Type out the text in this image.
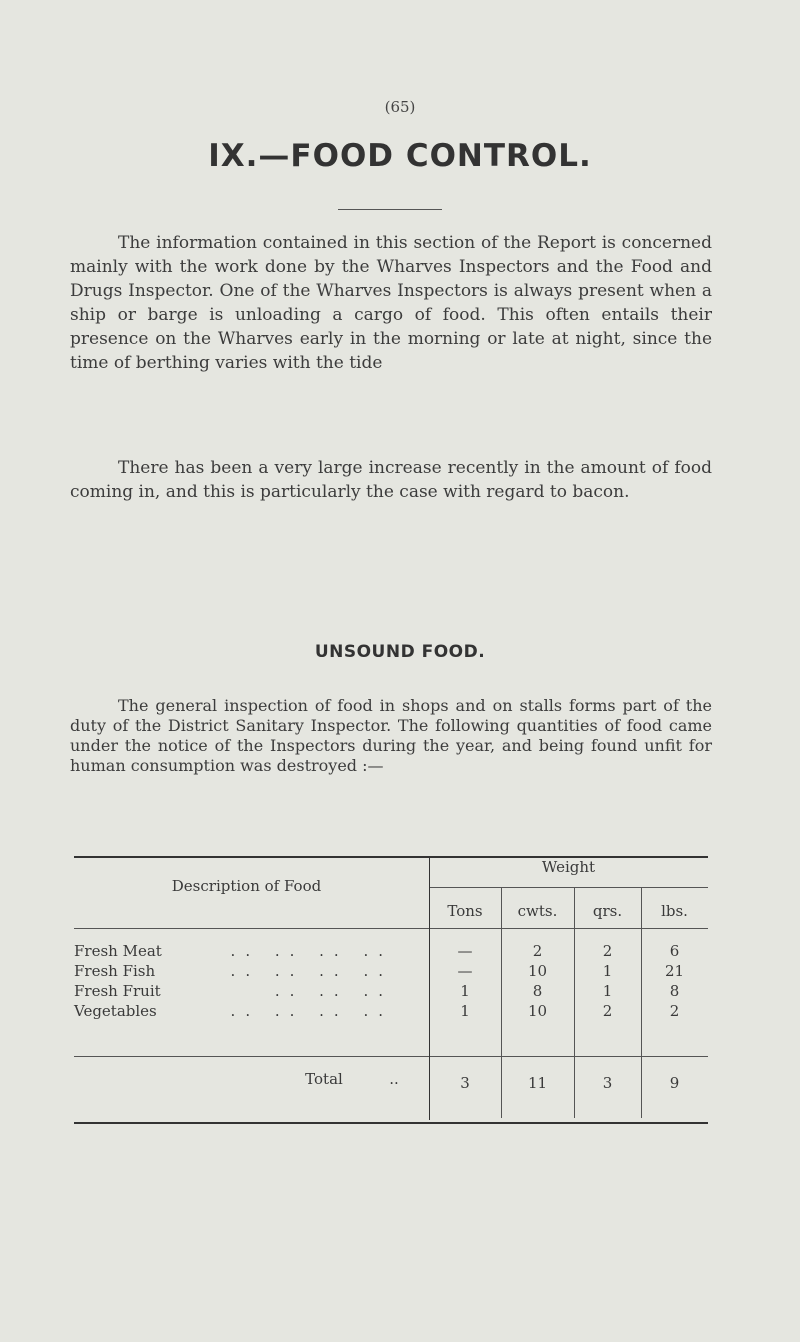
(65)
IX.—FOOD CONTROL.

The information contained in this section of the Report is concerned mainly with the work done by the Wharves Inspectors and the Food and Drugs Inspector. One of the Wharves Inspectors is always present when a ship or barge is unloading a cargo of food. This often entails their presence on the Wharves early in the morning or late at night, since the time of berthing varies with the tide

There has been a very large increase recently in the amount of food coming in, and this is particularly the case with regard to bacon.

UNSOUND FOOD.

The general inspection of food in shops and on stalls forms part of the duty of the District Sanitary Inspector. The following quantities of food came under the notice of the Inspectors during the year, and being found unfit for human consumption was destroyed :—

Description of Food
Weight
Tons	cwts.	qrs.	lbs.
Fresh Meat	.. .. .. ..	—	2	2	6
Fresh Fish	.. .. .. ..	—	10	1	21
Fresh Fruit	.. .. ..	1	8	1	8
Vegetables	.. .. .. ..	1	10	2	2
Total	..	3	11	3	9
